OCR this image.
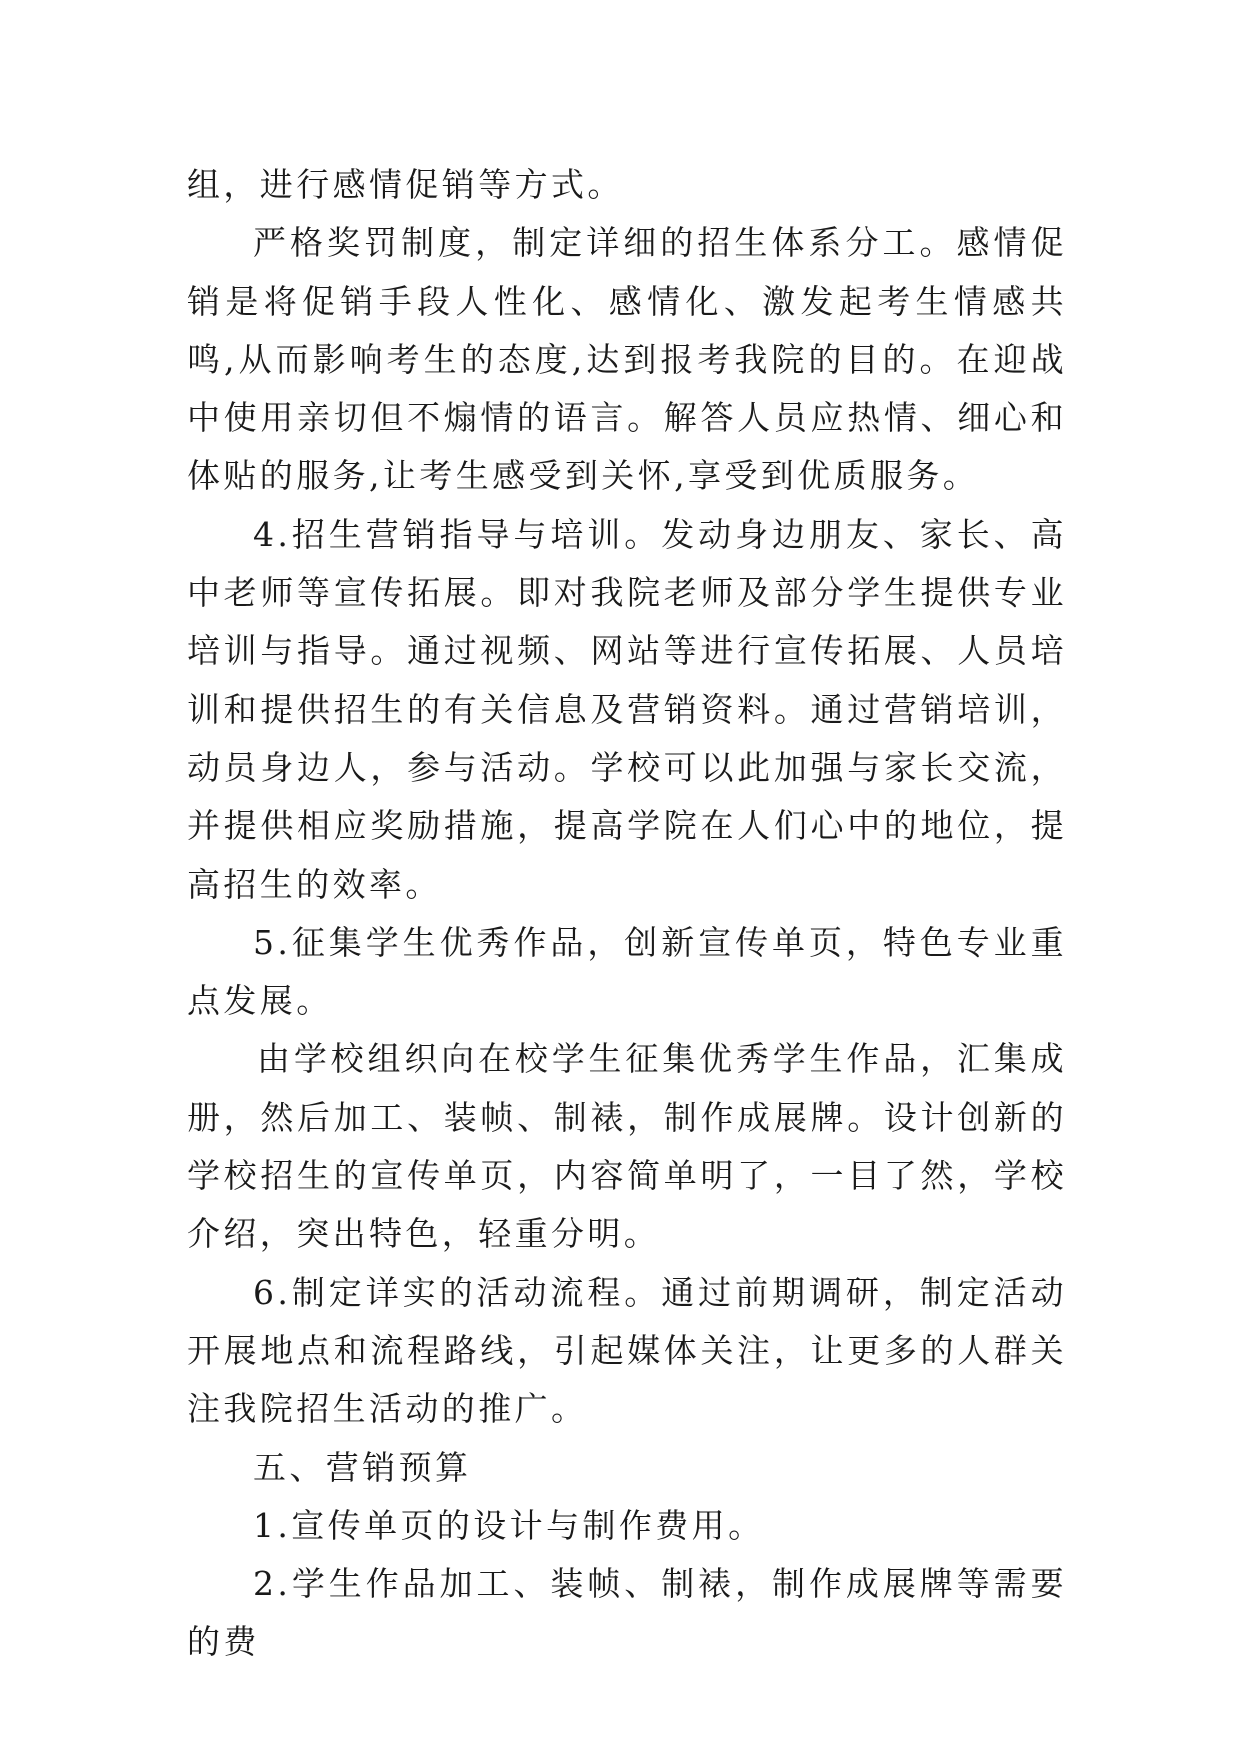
组，进行感情促销等方式。

严格奖罚制度，制定详细的招生体系分工。感情促销是将促销手段人性化、感情化、激发起考生情感共鸣,从而影响考生的态度,达到报考我院的目的。在迎战中使用亲切但不煽情的语言。解答人员应热情、细心和体贴的服务,让考生感受到关怀,享受到优质服务。

4.招生营销指导与培训。发动身边朋友、家长、高中老师等宣传拓展。即对我院老师及部分学生提供专业培训与指导。通过视频、网站等进行宣传拓展、人员培训和提供招生的有关信息及营销资料。通过营销培训，动员身边人，参与活动。学校可以此加强与家长交流，并提供相应奖励措施，提高学院在人们心中的地位，提高招生的效率。

5.征集学生优秀作品，创新宣传单页，特色专业重点发展。

由学校组织向在校学生征集优秀学生作品，汇集成册，然后加工、装帧、制裱，制作成展牌。设计创新的学校招生的宣传单页，内容简单明了，一目了然，学校介绍，突出特色，轻重分明。

6.制定详实的活动流程。通过前期调研，制定活动开展地点和流程路线，引起媒体关注，让更多的人群关注我院招生活动的推广。

五、营销预算

1.宣传单页的设计与制作费用。

2.学生作品加工、装帧、制裱，制作成展牌等需要的费
